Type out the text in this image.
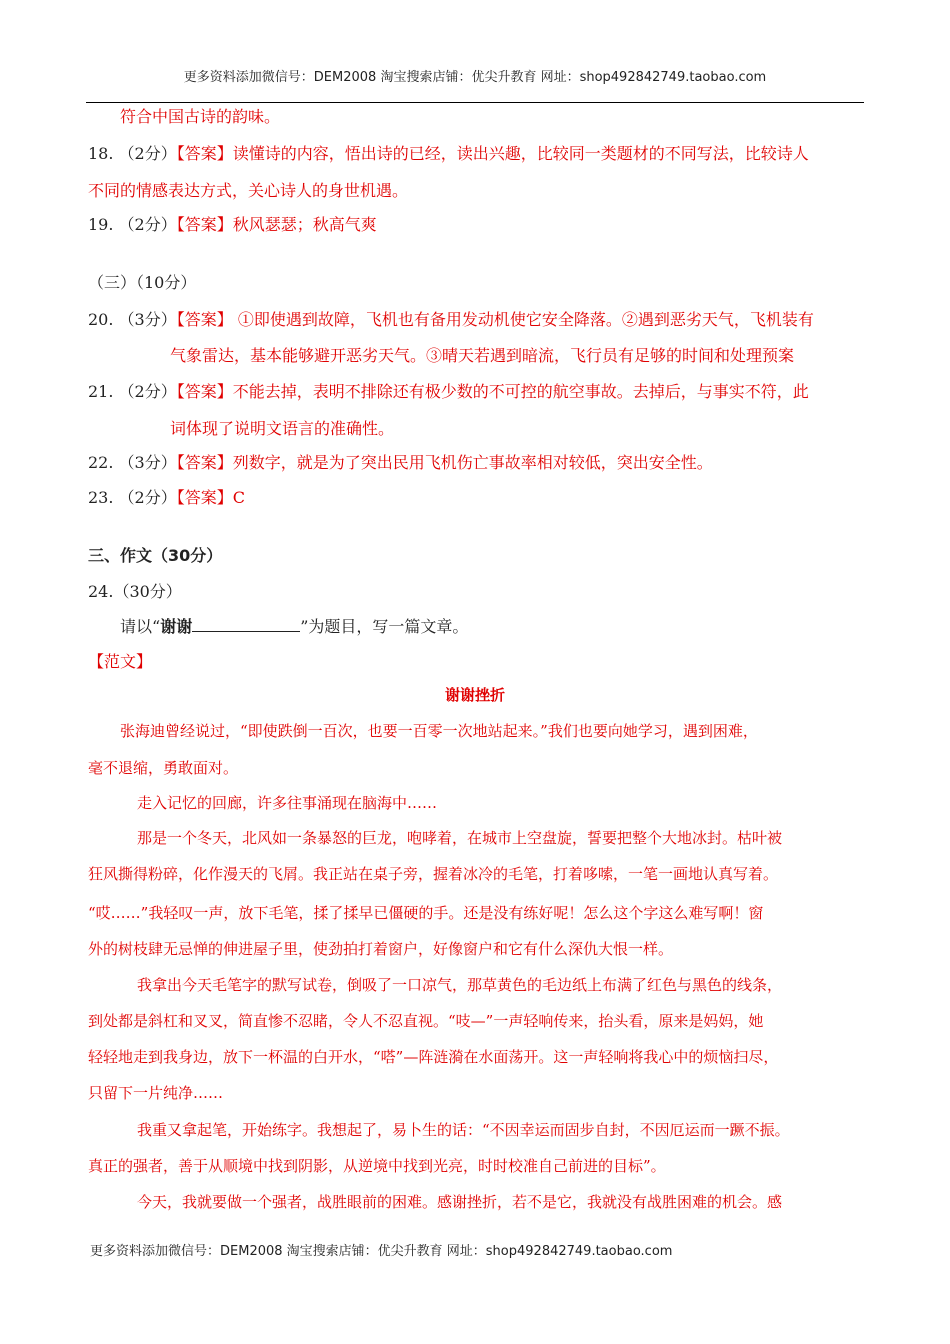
更多资料添加微信号：DEM2008 淘宝搜索店铺：优尖升教育 网址：shop492842749.taobao.com
符合中国古诗的韵味。
18. （2分）【答案】读懂诗的内容，悟出诗的已经，读出兴趣，比较同一类题材的不同写法，比较诗人
不同的情感表达方式，关心诗人的身世机遇。
19. （2分）【答案】秋风瑟瑟；秋高气爽
（三）（10分）
20. （3分）【答案】 ①即使遇到故障，飞机也有备用发动机使它安全降落。②遇到恶劣天气，飞机装有
气象雷达，基本能够避开恶劣天气。③晴天若遇到暗流，飞行员有足够的时间和处理预案
21. （2分）【答案】不能去掉，表明不排除还有极少数的不可控的航空事故。去掉后，与事实不符，此
词体现了说明文语言的准确性。
22. （3分）【答案】列数字，就是为了突出民用飞机伤亡事故率相对较低，突出安全性。
23. （2分）【答案】C
三、作文（30分）
24.（30分）
请以“谢谢	”为题目，写一篇文章。
【范文】
谢谢挫折
张海迪曾经说过，“即使跌倒一百次，也要一百零一次地站起来。”我们也要向她学习，遇到困难，
毫不退缩，勇敢面对。
走入记忆的回廊，许多往事涌现在脑海中……
那是一个冬天，北风如一条暴怒的巨龙，咆哮着，在城市上空盘旋，誓要把整个大地冰封。枯叶被
狂风撕得粉碎，化作漫天的飞屑。我正站在桌子旁，握着冰冷的毛笔，打着哆嗦，一笔一画地认真写着。
“哎……”我轻叹一声，放下毛笔，揉了揉早已僵硬的手。还是没有练好呢！怎么这个字这么难写啊！窗
外的树枝肆无忌惮的伸进屋子里，使劲拍打着窗户，好像窗户和它有什么深仇大恨一样。
我拿出今天毛笔字的默写试卷，倒吸了一口凉气，那草黄色的毛边纸上布满了红色与黑色的线条，
到处都是斜杠和叉叉，简直惨不忍睹，令人不忍直视。“吱—”一声轻响传来，抬头看，原来是妈妈，她
轻轻地走到我身边，放下一杯温的白开水，“嗒”—阵涟漪在水面荡开。这一声轻响将我心中的烦恼扫尽，
只留下一片纯净……
我重又拿起笔，开始练字。我想起了，易卜生的话：“不因幸运而固步自封，不因厄运而一蹶不振。
真正的强者，善于从顺境中找到阴影，从逆境中找到光亮，时时校准自己前进的目标”。
今天，我就要做一个强者，战胜眼前的困难。感谢挫折，若不是它，我就没有战胜困难的机会。感
更多资料添加微信号：DEM2008 淘宝搜索店铺：优尖升教育 网址：shop492842749.taobao.com
